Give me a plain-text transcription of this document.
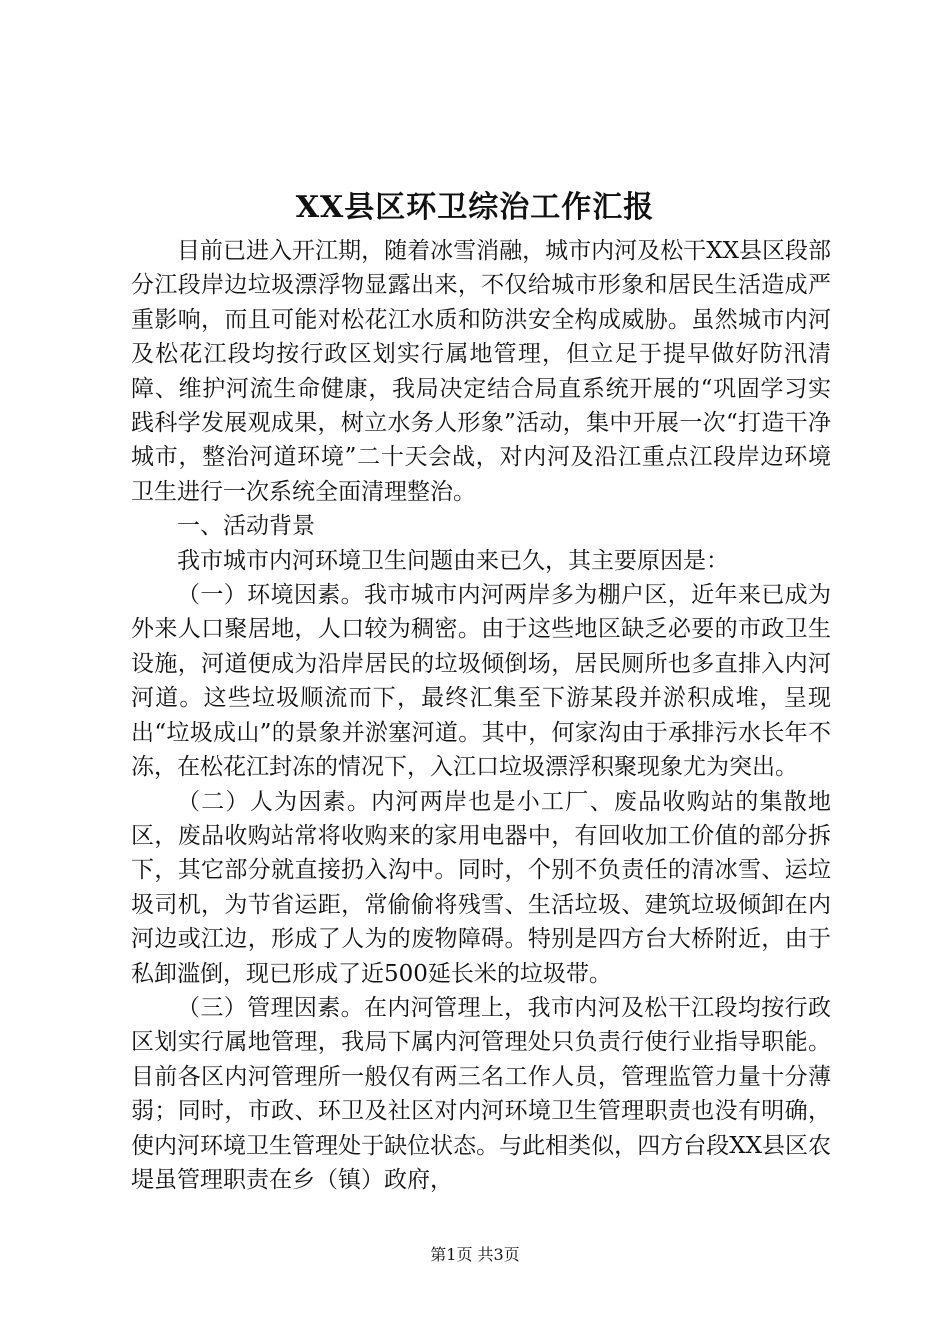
XX县区环卫综治工作汇报

目前已进入开江期，随着冰雪消融，城市内河及松干XX县区段部分江段岸边垃圾漂浮物显露出来，不仅给城市形象和居民生活造成严重影响，而且可能对松花江水质和防洪安全构成威胁。虽然城市内河及松花江段均按行政区划实行属地管理，但立足于提早做好防汛清障、维护河流生命健康，我局决定结合局直系统开展的“巩固学习实践科学发展观成果，树立水务人形象”活动，集中开展一次“打造干净城市，整治河道环境”二十天会战，对内河及沿江重点江段岸边环境卫生进行一次系统全面清理整治。

一、活动背景

我市城市内河环境卫生问题由来已久，其主要原因是：

（一）环境因素。我市城市内河两岸多为棚户区，近年来已成为外来人口聚居地，人口较为稠密。由于这些地区缺乏必要的市政卫生设施，河道便成为沿岸居民的垃圾倾倒场，居民厕所也多直排入内河河道。这些垃圾顺流而下，最终汇集至下游某段并淤积成堆，呈现出“垃圾成山”的景象并淤塞河道。其中，何家沟由于承排污水长年不冻，在松花江封冻的情况下，入江口垃圾漂浮积聚现象尤为突出。

（二）人为因素。内河两岸也是小工厂、废品收购站的集散地区，废品收购站常将收购来的家用电器中，有回收加工价值的部分拆下，其它部分就直接扔入沟中。同时，个别不负责任的清冰雪、运垃圾司机，为节省运距，常偷偷将残雪、生活垃圾、建筑垃圾倾卸在内河边或江边，形成了人为的废物障碍。特别是四方台大桥附近，由于私卸滥倒，现已形成了近500延长米的垃圾带。

（三）管理因素。在内河管理上，我市内河及松干江段均按行政区划实行属地管理，我局下属内河管理处只负责行使行业指导职能。目前各区内河管理所一般仅有两三名工作人员，管理监管力量十分薄弱；同时，市政、环卫及社区对内河环境卫生管理职责也没有明确，使内河环境卫生管理处于缺位状态。与此相类似，四方台段XX县区农堤虽管理职责在乡（镇）政府，

第1页 共3页
